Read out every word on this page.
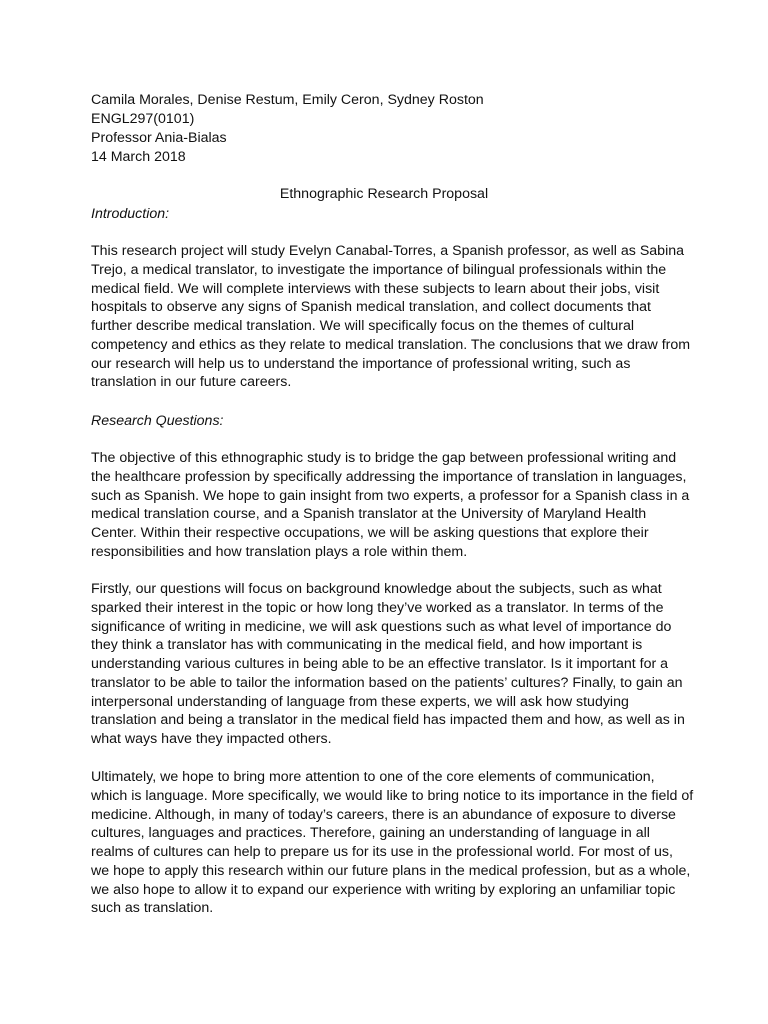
Camila Morales, Denise Restum, Emily Ceron, Sydney Roston
ENGL297(0101)
Professor Ania-Bialas
14 March 2018
Ethnographic Research Proposal
Introduction:
This research project will study Evelyn Canabal-Torres, a Spanish professor, as well as Sabina
Trejo, a medical translator, to investigate the importance of bilingual professionals within the
medical field. We will complete interviews with these subjects to learn about their jobs, visit
hospitals to observe any signs of Spanish medical translation, and collect documents that
further describe medical translation. We will specifically focus on the themes of cultural
competency and ethics as they relate to medical translation. The conclusions that we draw from
our research will help us to understand the importance of professional writing, such as
translation in our future careers.
Research Questions:
The objective of this ethnographic study is to bridge the gap between professional writing and
the healthcare profession by specifically addressing the importance of translation in languages,
such as Spanish. We hope to gain insight from two experts, a professor for a Spanish class in a
medical translation course, and a Spanish translator at the University of Maryland Health
Center. Within their respective occupations, we will be asking questions that explore their
responsibilities and how translation plays a role within them.
Firstly, our questions will focus on background knowledge about the subjects, such as what
sparked their interest in the topic or how long they’ve worked as a translator. In terms of the
significance of writing in medicine, we will ask questions such as what level of importance do
they think a translator has with communicating in the medical field, and how important is
understanding various cultures in being able to be an effective translator. Is it important for a
translator to be able to tailor the information based on the patients’ cultures? Finally, to gain an
interpersonal understanding of language from these experts, we will ask how studying
translation and being a translator in the medical field has impacted them and how, as well as in
what ways have they impacted others.
Ultimately, we hope to bring more attention to one of the core elements of communication,
which is language. More specifically, we would like to bring notice to its importance in the field of
medicine. Although, in many of today’s careers, there is an abundance of exposure to diverse
cultures, languages and practices. Therefore, gaining an understanding of language in all
realms of cultures can help to prepare us for its use in the professional world. For most of us,
we hope to apply this research within our future plans in the medical profession, but as a whole,
we also hope to allow it to expand our experience with writing by exploring an unfamiliar topic
such as translation.
